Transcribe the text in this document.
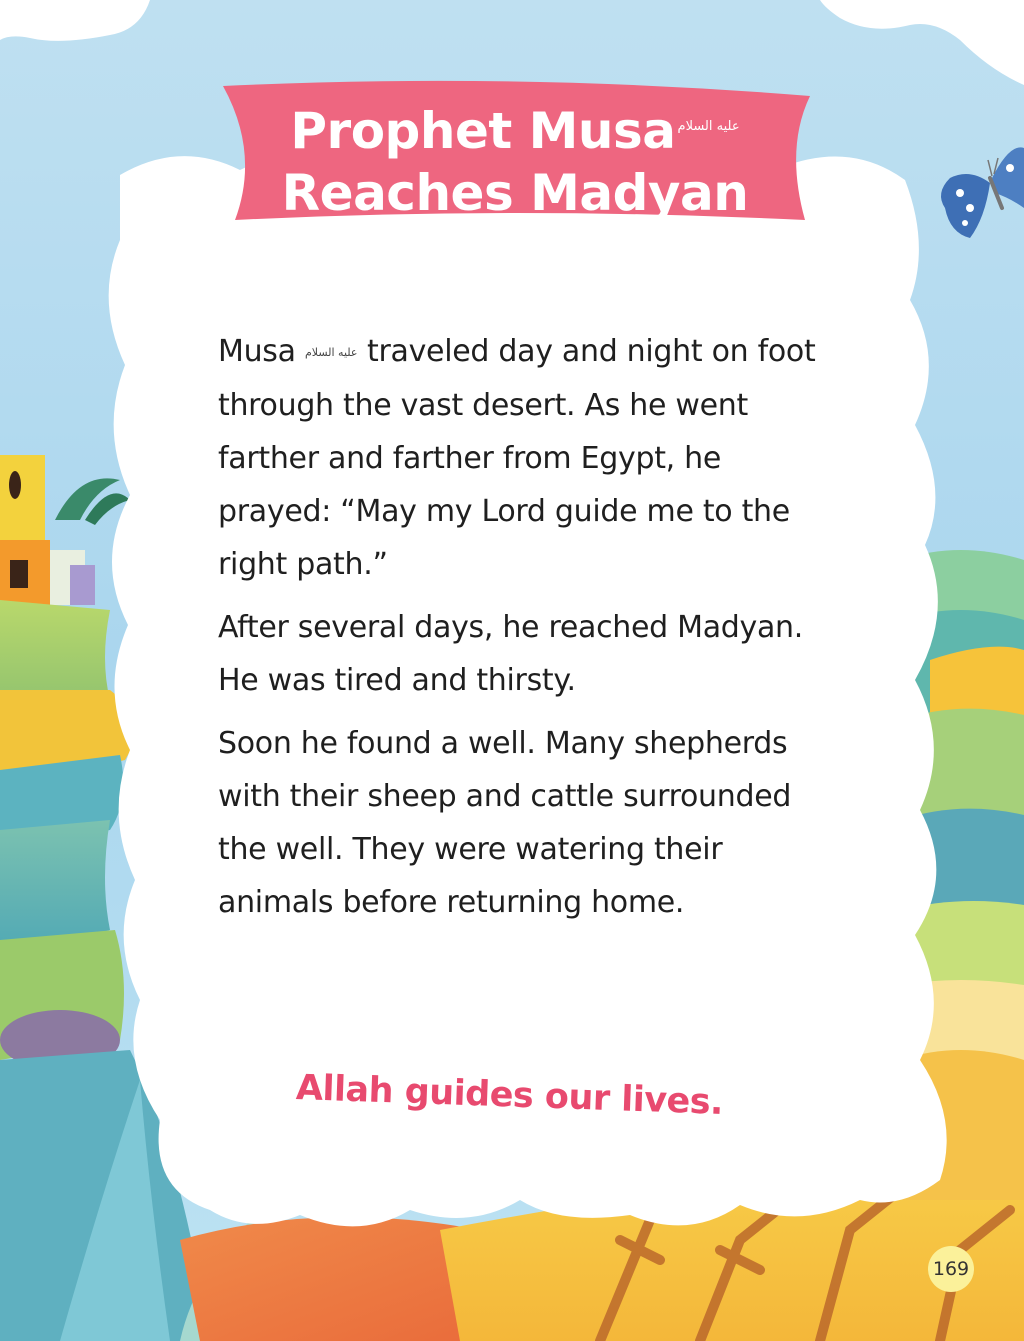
Prophet Musa $^{عليه السلام}$
Reaches Madyan

Musa عليه السلام traveled day and night on foot through the vast desert. As he went farther and farther from Egypt, he prayed: “May my Lord guide me to the right path.”

After several days, he reached Madyan. He was tired and thirsty.

Soon he found a well. Many shepherds with their sheep and cattle surrounded the well. They were watering their animals before returning home.

Allah guides our lives.
169
